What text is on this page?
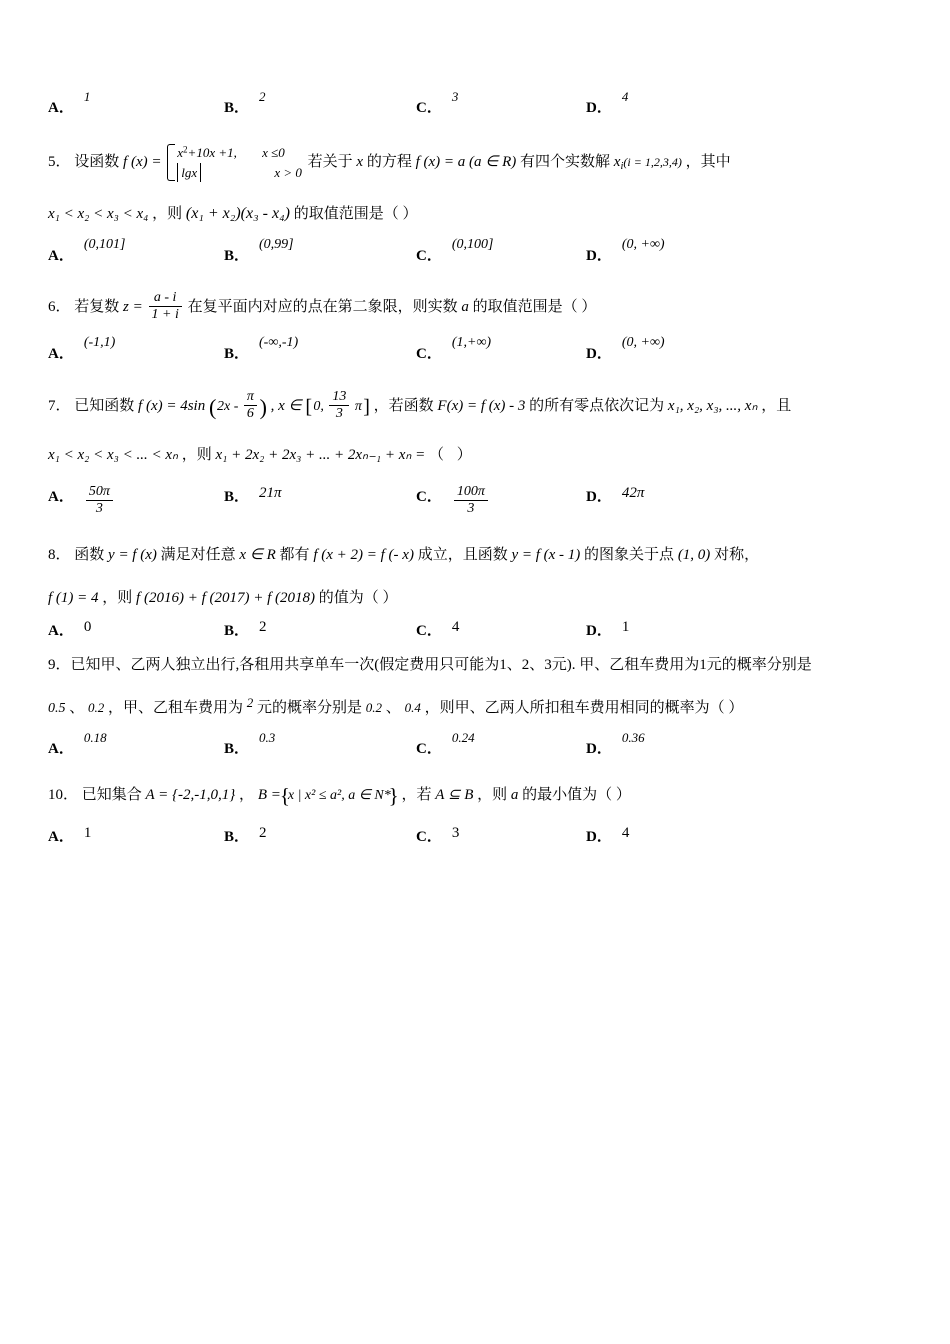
A．
1
B．
2
C．
3
D．
4
5． 设函数 f (x) =
$x^2+10x +1$, x ≤0
lgx	x > 0
若关于 x 的方程 f (x) = a (a ∈ R) 有四个实数解 $x_i(i = 1,2,3,4)$ ，其中
x₁ < x₂ < x₃ < x₄ ，则 (x₁ + x₂)(x₃ - x₄) 的取值范围是（ ）
A．
(0,101]
B．
(0,99]
C．
(0,100]
D．
(0, +∞)
6． 若复数 $z = \frac{a - i}{1 + i}$ 在复平面内对应的点在第二象限，则实数 a 的取值范围是（ ）
A．
(-1,1)
B．
(-∞,-1)
C．
(1,+∞)
D．
(0, +∞)
7． 已知函数 f (x) = 4sin ( $2x - \frac{\pi}{6}$
) , x ∈ [ 0, $\frac{13}{3}$ π ] ，若函数 F(x) = f (x) - 3 的所有零点依次记为 x₁, x₂, x₃, ..., xₙ ，且
x₁ < x₂ < x₃ < ... < xₙ ，则 x₁ + 2x₂ + 2x₃ + ... + 2xₙ₋₁ + xₙ = （ ）
A． $\frac{50\pi}{3}$	B． 21π	C． $\frac{100\pi}{3}$	D． 42π
8． 函数 y = f (x) 满足对任意 x ∈ R 都有 f (x + 2) = f (- x) 成立，且函数 y = f (x - 1) 的图象关于点 (1, 0) 对称，
f (1) = 4 ，则 f (2016) + f (2017) + f (2018) 的值为（ ）
A． 0	B． 2	C． 4	D． 1
9．已知甲、乙两人独立出行,各租用共享单车一次(假定费用只可能为1、2、3元). 甲、乙租车费用为1元的概率分别是
0.5 、 0.2 ，甲、乙租车费用为 2 元的概率分别是 0.2 、 0.4 ，则甲、乙两人所扣租车费用相同的概率为（ ）
A．
0.18
B．
0.3
C．
0.24
D．
0.36
10． 已知集合 A = {-2,-1,0,1} ， B = { x | x² ≤ a², a ∈ N* } ，若 A ⊆ B ，则 a 的最小值为（ ）
A． 1	B． 2	C． 3	D． 4
